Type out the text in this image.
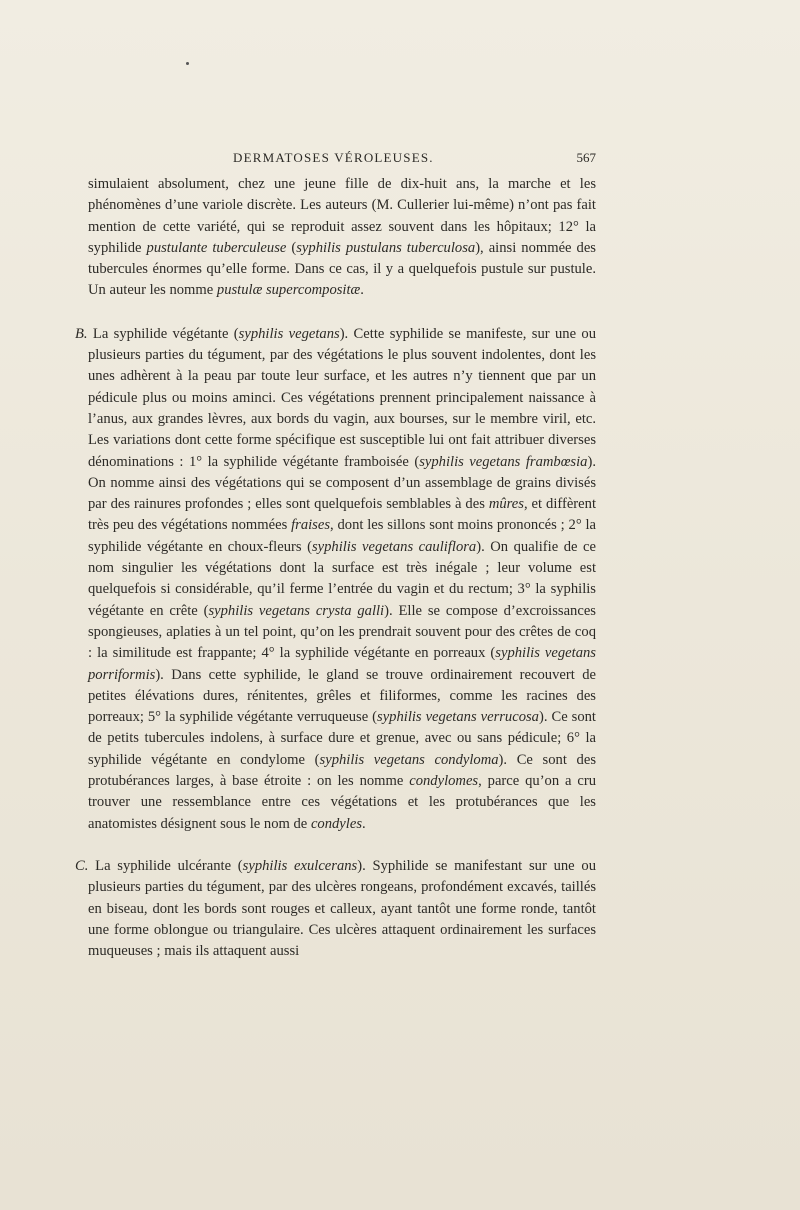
DERMATOSES VÉROLEUSES.	567

simulaient absolument, chez une jeune fille de dix-huit ans, la marche et les phénomènes d’une variole discrète. Les auteurs (M. Cullerier lui-même) n’ont pas fait mention de cette variété, qui se reproduit assez souvent dans les hôpitaux; 12° la syphilide pustulante tuberculeuse (syphilis pustulans tuberculosa), ainsi nommée des tubercules énormes qu’elle forme. Dans ce cas, il y a quelquefois pustule sur pustule. Un auteur les nomme pustulæ supercompositæ.

B. La syphilide végétante (syphilis vegetans). Cette syphilide se manifeste, sur une ou plusieurs parties du tégument, par des végétations le plus souvent indolentes, dont les unes adhèrent à la peau par toute leur surface, et les autres n’y tiennent que par un pédicule plus ou moins aminci. Ces végétations prennent principalement naissance à l’anus, aux grandes lèvres, aux bords du vagin, aux bourses, sur le membre viril, etc. Les variations dont cette forme spécifique est susceptible lui ont fait attribuer diverses dénominations : 1° la syphilide végétante framboisée (syphilis vegetans frambœsia). On nomme ainsi des végétations qui se composent d’un assemblage de grains divisés par des rainures profondes ; elles sont quelquefois semblables à des mûres, et diffèrent très peu des végétations nommées fraises, dont les sillons sont moins prononcés ; 2° la syphilide végétante en choux-fleurs (syphilis vegetans cauliflora). On qualifie de ce nom singulier les végétations dont la surface est très inégale ; leur volume est quelquefois si considérable, qu’il ferme l’entrée du vagin et du rectum; 3° la syphilis végétante en crête (syphilis vegetans crysta galli). Elle se compose d’excroissances spongieuses, aplaties à un tel point, qu’on les prendrait souvent pour des crêtes de coq : la similitude est frappante; 4° la syphilide végétante en porreaux (syphilis vegetans porriformis). Dans cette syphilide, le gland se trouve ordinairement recouvert de petites élévations dures, rénitentes, grêles et filiformes, comme les racines des porreaux; 5° la syphilide végétante verruqueuse (syphilis vegetans verrucosa). Ce sont de petits tubercules indolens, à surface dure et grenue, avec ou sans pédicule; 6° la syphilide végétante en condylome (syphilis vegetans condyloma). Ce sont des protubérances larges, à base étroite : on les nomme condylomes, parce qu’on a cru trouver une ressemblance entre ces végétations et les protubérances que les anatomistes désignent sous le nom de condyles.

C. La syphilide ulcérante (syphilis exulcerans). Syphilide se manifestant sur une ou plusieurs parties du tégument, par des ulcères rongeans, profondément excavés, taillés en biseau, dont les bords sont rouges et calleux, ayant tantôt une forme ronde, tantôt une forme oblongue ou triangulaire. Ces ulcères attaquent ordinairement les surfaces muqueuses ; mais ils attaquent aussi
